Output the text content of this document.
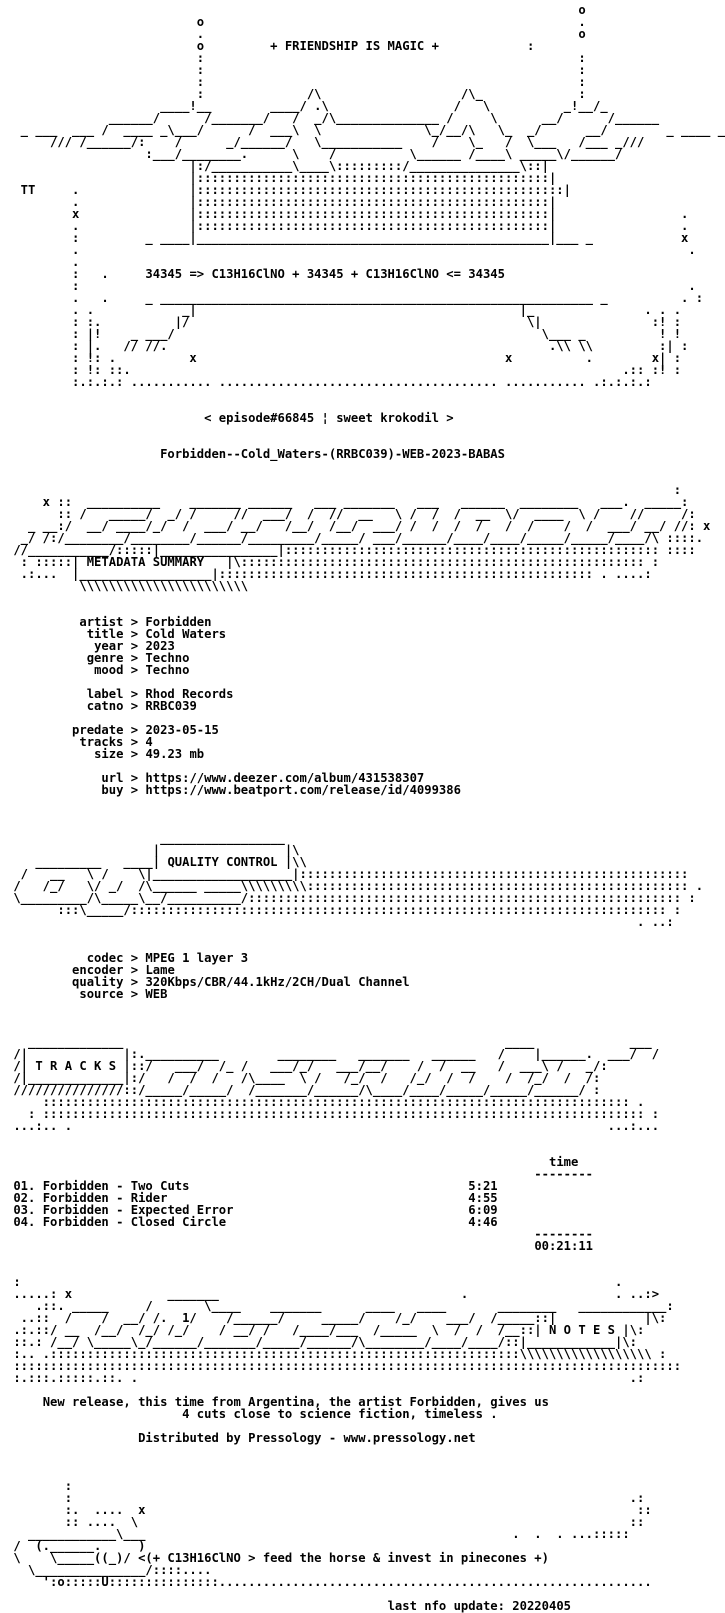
o
o                                                   .
.                                                   o
o         + FRIENDSHIP IS MAGIC +            :
:                                                   :
:                                                   :
:                                                   :
:              /\                   /\_             :
____!__        ____/ .\                 /   \          _!__/_
______/      /_______/   /  _/\______________ /     \      __/      /______
_ ___  ___ /  ____ _\___/      /  ___\  \              \_/__/\   \_  _/      __/        _ ____ _
/// /______/:    /      _/______/   \___________    /    \_   /  \___   /___ _///
:___/________.      \    /          \______ /____\ _____\/______/
|:/___________\____\:::::::::/_______________\::|
|::::::::::::::::::::::::::::::::::::::::::::::::|
TT     .               |::::::::::::::::::::::::::::::::::::::::::::::::::|
.               |::::::::::::::::::::::::::::::::::::::::::::::::|
x               |::::::::::::::::::::::::::::::::::::::::::::::::|                 .
.               |::::::::::::::::::::::::::::::::::::::::::::::::|                 .
:         _ ____|________________________________________________|___ _            x
.                                                                                   .
.
:   .     34345 => C13H16ClNO + 34345 + C13H16ClNO <= 34345
:                                                                                   .
.   .     _ ___________________________________________________________ _          . :
. .            _|                                            |_               . . .
: :.          |/                                              \|               :! :
: |!    _ ___/                                                  \___ _          ! !
: |.   // //.                                                    .\\ \\         :| :
: !: .          x                                          x          .        x| :
: !: ::.                                                                   .:: :! :
:.:.:.: ........... ...................................... ........... .:.:.:.:

< episode#66845 ¦ sweet krokodil >

Forbidden--Cold_Waters-(RRBC039)-WEB-2023-BABAS

:
x ::  __________    _______ ______   ___ _______   ___   ______  ________   ___.  _____:
:: /   _____/  _/ /     //  ___/  /  //  __   \ /  /  /  __  \/  ____  \ /    //     /:
_ __:/  __/ ____/_/  /  ___/ __/   /__/  /__/  ___/ /  /  /  /   /  /    /  /  ___/ __/ //: x
_/ /:/________/________/______/_________/_____/ ___/______/____/____/_____/_____/____/\ ::::.
//___________/:::::|________________|::::::::::::::::::::::::::::::::::::::::::::::::::: ::::
: :::::| METADATA SUMMARY   |\::::::::::::::::::::::::::::::::::::::::::::::::::::::: :
.:...  |__________________|::::::::::::::::::::::::::::::::::::::::::::::::::: . ....:
\\\\\\\\\\\\\\\\\\\\\\\

artist > Forbidden
title > Cold Waters
year > 2023
genre > Techno
mood > Techno

label > Rhod Records
catno > RRBC039

predate > 2023-05-15
tracks > 4
size > 49.23 mb

url > https://www.deezer.com/album/431538307
buy > https://www.beatport.com/release/id/4099386

_________________
|                 |\
_________   ____| QUALITY CONTROL |\\
/   __   \ /    \|___________________|:::::::::::::::::::::::::::::::::::::::::::::::::::::
/   /_/   \/ _/  /\______ _____\\\\\\\\\:::::::::::::::::::::::::::::::::::::::::::::::::::: .
\_________/\_____\__/__________/::::::::::::::::::::::::::::::::::::::::::::::::::::::::::: :
:::\_____/::::::::::::::::::::::::::::::::::::::::::::::::::::::::::::::::::::::::: :
. ..:

codec > MPEG 1 layer 3
encoder > Lame
quality > 320Kbps/CBR/44.1kHz/2CH/Dual Channel
source > WEB

_____________                                                    ____             ___
/|             |:.__________        ________   _______   ______   /    |______.  ___/  /
/| T R A C K S |::/   ___/  /_ /   ___/_/   ___/__/    /  /  __   /  ___\ /   _/:
/|_____________|:/   /  /  /   /\____  \ /   /_/  /   /_/  /  /    /  /_/  /  /:
///////////////::/_____/_____/  /_______/______/\____/____/_____/_____/______/ :
:::::::::::::::::::::::::::::::::::::::::::::::::::::::::::::::::::::::::::::::: .
: :::::::::::::::::::::::::::::::::::::::::::::::::::::::::::::::::::::::::::::::::: :
...:.. .                                                                         ...:...

time
--------
01. Forbidden - Two Cuts	5:21
02. Forbidden - Rider	4:55
03. Forbidden - Expected Error	6:09
04. Forbidden - Closed Circle	4:46
--------
00:21:11

:                                                                                 .
.....: x             _______                                 .                    . ..:>
.::. _____     /       \____    _______      ____   ____       ________   ____________:
..::  /    /  __/ /.  1/    /______/     _____/    /_/    ___/  /_____::|            |\:
.:.::/ __  /__/  /_/ /_/    / __/ /   /____/___  /_____  \  /  /  /__::| N O T E S |\:
::.: /__/ \_____\_/______/_______/_____/______/\________/____/____/::|____________|\:
:.. .::::::::::::::::::::::::::::::::::::::::::::::::::::::::::::::::\\\\\\\\\\\\\\\\\\ :
:::::::::::::::::::::::::::::::::::::::::::::::::::::::::::::::::::::::::::::::::::::::::::
:.:::.:::::.::. .                                                                   .:

New release, this time from Argentina, the artist Forbidden, gives us
4 cuts close to science fiction, timeless .

Distributed by Pressology - www.pressology.net

:
:                                                                            .:
:.  ....  x                                                                   ::
:: ....  \                                                                   ::
____________\___                                                  .  .  . ...:::::
/  (.______.     )
\    \_____((_)/ <(+ C13H16ClNO > feed the horse & invest in pinecones +)
\_______________/::::....
':o:::::U:::::::::::::::...........................................................

last nfo update: 20220405
